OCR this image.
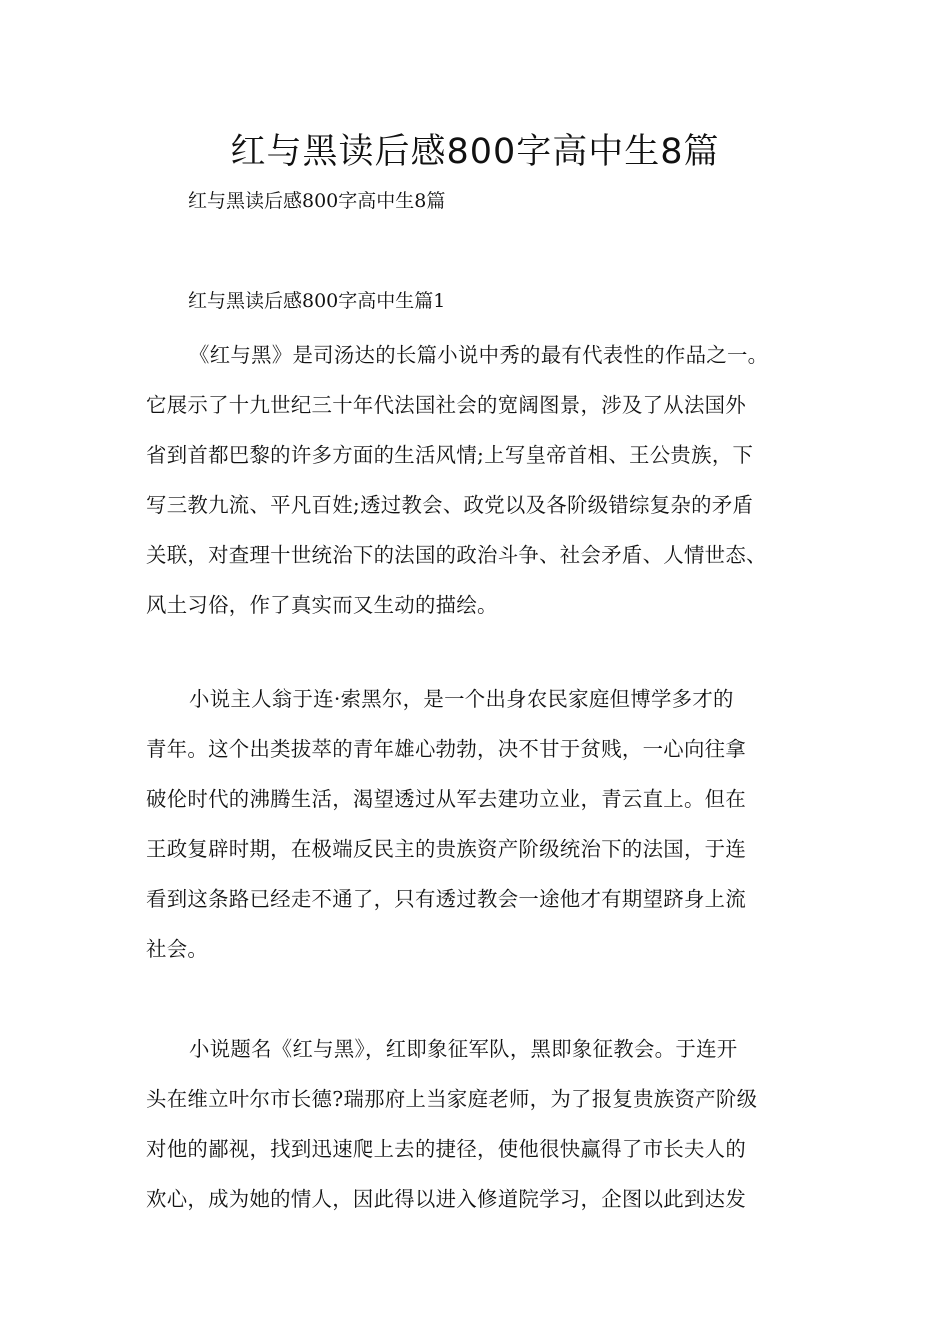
红与黑读后感800字高中生8篇
红与黑读后感800字高中生8篇
红与黑读后感800字高中生篇1
《红与黑》是司汤达的长篇小说中秀的最有代表性的作品之一。
它展示了十九世纪三十年代法国社会的宽阔图景，涉及了从法国外
省到首都巴黎的许多方面的生活风情;上写皇帝首相、王公贵族，下
写三教九流、平凡百姓;透过教会、政党以及各阶级错综复杂的矛盾
关联，对查理十世统治下的法国的政治斗争、社会矛盾、人情世态、
风土习俗，作了真实而又生动的描绘。
小说主人翁于连·索黑尔，是一个出身农民家庭但博学多才的
青年。这个出类拔萃的青年雄心勃勃，决不甘于贫贱，一心向往拿
破伦时代的沸腾生活，渴望透过从军去建功立业，青云直上。但在
王政复辟时期，在极端反民主的贵族资产阶级统治下的法国，于连
看到这条路已经走不通了，只有透过教会一途他才有期望跻身上流
社会。
小说题名《红与黑》，红即象征军队，黑即象征教会。于连开
头在维立叶尔市长德?瑞那府上当家庭老师，为了报复贵族资产阶级
对他的鄙视，找到迅速爬上去的捷径，使他很快赢得了市长夫人的
欢心，成为她的情人，因此得以进入修道院学习，企图以此到达发
